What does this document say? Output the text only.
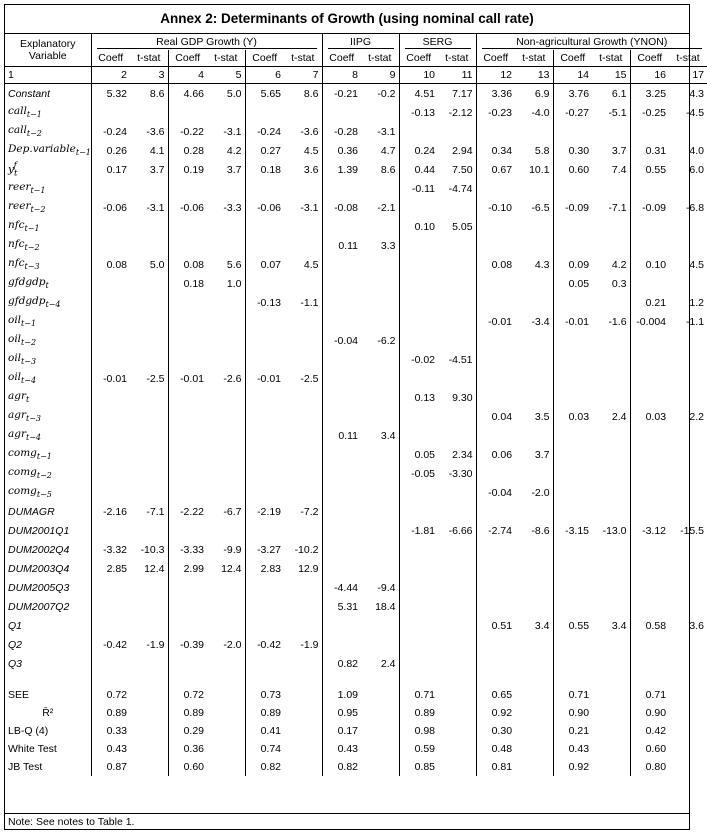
Annex 2: Determinants of Growth (using nominal call rate)
Explanatory Variable	Real GDP Growth (Y)						IIPG		SERG		Non-agricultural Growth (YNON)					

	Coeff	t-stat	Coeff	t-stat	Coeff	t-stat	Coeff	t-stat	Coeff	t-stat	Coeff	t-stat	Coeff	t-stat	Coeff	t-stat
1	2	3	4	5	6	7	8	9	10	11	12	13	14	15	16	17
Constant	5.32	8.6	4.66	5.0	5.65	8.6	-0.21	-0.2	4.51	7.17	3.36	6.9	3.76	6.1	3.25	4.3
call$_{t-1}$									-0.13	-2.12	-0.23	-4.0	-0.27	-5.1	-0.25	-4.5
call$_{t-2}$	-0.24	-3.6	-0.22	-3.1	-0.24	-3.6	-0.28	-3.1								
Dep.variable$_{t-1}$	0.26	4.1	0.28	4.2	0.27	4.5	0.36	4.7	0.24	2.94	0.34	5.8	0.30	3.7	0.31	4.0
$y_t^f$	0.17	3.7	0.19	3.7	0.18	3.6	1.39	8.6	0.44	7.50	0.67	10.1	0.60	7.4	0.55	6.0
reer$_{t-1}$									-0.11	-4.74						
reer$_{t-2}$	-0.06	-3.1	-0.06	-3.3	-0.06	-3.1	-0.08	-2.1			-0.10	-6.5	-0.09	-7.1	-0.09	-6.8
nfc$_{t-1}$									0.10	5.05						
nfc$_{t-2}$							0.11	3.3								
nfc$_{t-3}$	0.08	5.0	0.08	5.6	0.07	4.5					0.08	4.3	0.09	4.2	0.10	4.5
gfdgdp$_t$			0.18	1.0									0.05	0.3		
gfdgdp$_{t-4}$					-0.13	-1.1									0.21	1.2
oil$_{t-1}$											-0.01	-3.4	-0.01	-1.6	-0.004	-1.1
oil$_{t-2}$							-0.04	-6.2								
oil$_{t-3}$									-0.02	-4.51						
oil$_{t-4}$	-0.01	-2.5	-0.01	-2.6	-0.01	-2.5										
agr$_t$									0.13	9.30						
agr$_{t-3}$											0.04	3.5	0.03	2.4	0.03	2.2
agr$_{t-4}$							0.11	3.4								
comg$_{t-1}$									0.05	2.34	0.06	3.7				
comg$_{t-2}$									-0.05	-3.30						
comg$_{t-5}$											-0.04	-2.0				
DUMAGR	-2.16	-7.1	-2.22	-6.7	-2.19	-7.2										
DUM2001Q1									-1.81	-6.66	-2.74	-8.6	-3.15	-13.0	-3.12	-15.5
DUM2002Q4	-3.32	-10.3	-3.33	-9.9	-3.27	-10.2										
DUM2003Q4	2.85	12.4	2.99	12.4	2.83	12.9										
DUM2005Q3							-4.44	-9.4								
DUM2007Q2							5.31	18.4								
Q1											0.51	3.4	0.55	3.4	0.58	3.6
Q2	-0.42	-1.9	-0.39	-2.0	-0.42	-1.9										
Q3							0.82	2.4								

SEE	0.72		0.72		0.73		1.09		0.71		0.65		0.71		0.71	
R̄²	0.89		0.89		0.89		0.95		0.89		0.92		0.90		0.90	
LB-Q (4)	0.33		0.29		0.41		0.17		0.98		0.30		0.21		0.42	
White Test	0.43		0.36		0.74		0.43		0.59		0.48		0.43		0.60	
JB Test	0.87		0.60		0.82		0.82		0.85		0.81		0.92		0.80	
Note: See notes to Table 1.
